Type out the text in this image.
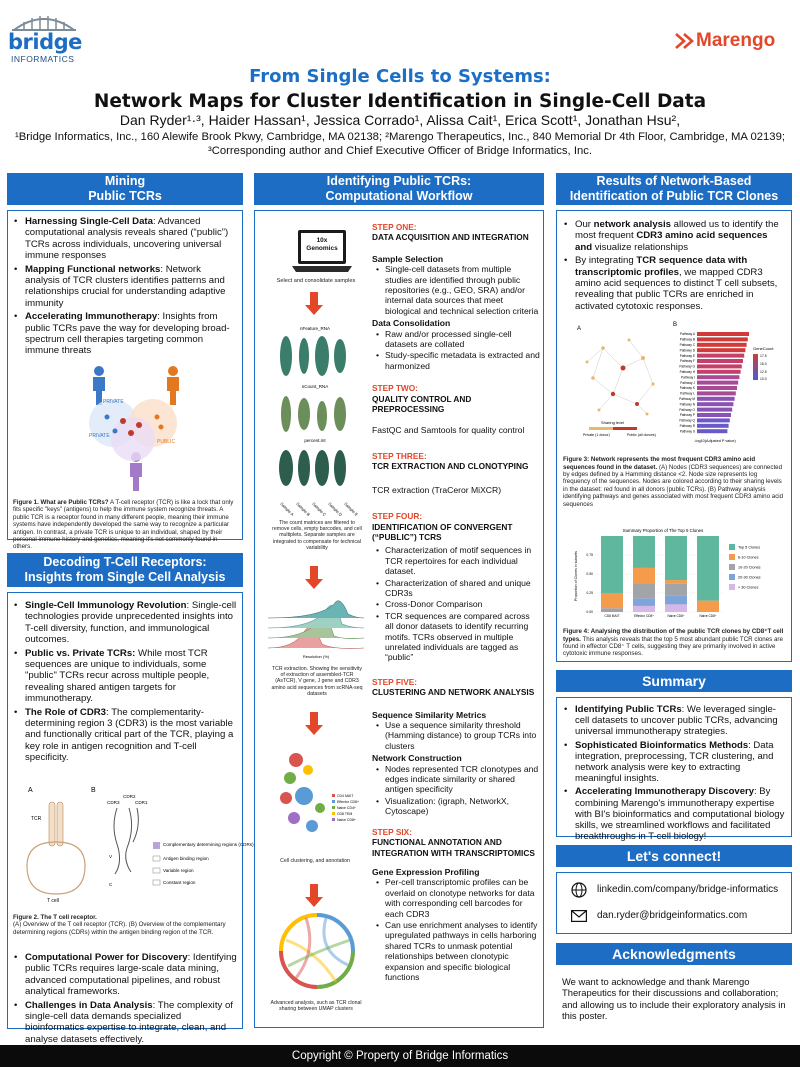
bridge
INFORMATICS
Marengo
From Single Cells to Systems:
Network Maps for Cluster Identification in Single-Cell Data
Dan Ryder¹·³, Haider Hassan¹, Jessica Corrado¹, Alissa Cait¹, Erica Scott¹, Jonathan Hsu²,
¹Bridge Informatics, Inc., 160 Alewife Brook Pkwy, Cambridge, MA 02138; ²Marengo Therapeutics, Inc., 840 Memorial Dr 4th Floor, Cambridge, MA 02139; ³Corresponding author and Chief Executive Officer of Bridge Informatics, Inc.
Mining
Public TCRs
• Harnessing Single-Cell Data: Advanced computational analysis reveals shared (“public”) TCRs across individuals, uncovering universal immune responses
• Mapping Functional networks: Network analysis of TCR clusters identifies patterns and relationships crucial for understanding adaptive immunity
• Accelerating Immunotherapy: Insights from public TCRs pave the way for developing broad-spectrum cell therapies targeting common immune threats
PRIVATE
PRIVATE
PUBLIC
Figure 1. What are Public TCRs? A T-cell receptor (TCR) is like a lock that only fits specific "keys" (antigens) to help the immune system recognize threats. A public TCR is a receptor found in many different people, meaning their immune systems have independently developed the same way to recognize a particular antigen. In contrast, a private TCR is unique to an individual, shaped by their personal immune history and genetics, meaning it's not commonly found in others.
Decoding T-Cell Receptors:
Insights from Single Cell Analysis
• Single-Cell Immunology Revolution: Single-cell technologies provide unprecedented insights into T-cell diversity, function, and immunological outcomes.
• Public vs. Private TCRs: While most TCR sequences are unique to individuals, some "public" TCRs recur across multiple people, revealing shared antigen targets for immunotherapy.
• The Role of CDR3: The complementarity-determining region 3 (CDR3) is the most variable and functionally critical part of the TCR, playing a key role in antigen recognition and T-cell specificity.
A	B
TCR
T cell
CDR2
CDR3	CDR1
V
C
Complementary determining regions (CDRs)
Antigen binding region
Variable region
Constant region
Figure 2. The T cell receptor.
(A) Overview of the T cell receptor (TCR). (B) Overview of the complementary determining regions (CDRs) within the antigen binding region of the TCR.
• Computational Power for Discovery: Identifying public TCRs requires large-scale data mining, advanced computational pipelines, and robust analytical frameworks.
• Challenges in Data Analysis: The complexity of single-cell data demands specialized bioinformatics expertise to integrate, clean, and analyse datasets effectively.
Identifying Public TCRs:
Computational Workflow
10x Genomics
Select and consolidate samples
nFeature_RNA
nCount_RNA
percent.mt
Sample A Sample B Sample C Sample D Sample E
The count matrices are filtered to remove cells, empty barcodes, and cell multiplets. Separate samples are integrated to compensate for technical variability
Resolution (%)
TCR extraction. Showing the sensitivity of extraction of assembled-TCR (AsTCR), V gene, J gene and CDR3 amino acid sequences from scRNA-seq datasets
CD4 MAIT
Effector CD8+
Naive CD4+
CD8 TEM
Naive CD8+
Cell clustering, and annotation
Advanced analysis, such as TCR clonal sharing between UMAP clusters
STEP ONE:
DATA ACQUISITION AND INTEGRATION
Sample Selection
• Single-cell datasets from multiple studies are identified through public repositories (e.g., GEO, SRA) and/or internal data sources that meet biological and technical selection criteria
Data Consolidation
• Raw and/or processed single-cell datasets are collated
• Study-specific metadata is extracted and harmonized
STEP TWO:
QUALITY CONTROL AND PREPROCESSING
FastQC and Samtools for quality control
STEP THREE:
TCR EXTRACTION AND CLONOTYPING
TCR extraction (TraCeror MiXCR)
STEP FOUR:
IDENTIFICATION OF CONVERGENT (“PUBLIC”) TCRS
• Characterization of motif sequences in TCR repertoires for each individual dataset.
• Characterization of shared and unique CDR3s
• Cross-Donor Comparison
• TCR sequences are compared across all donor datasets to identify recurring motifs. TCRs observed in multiple unrelated individuals are tagged as “public”
STEP FIVE:
CLUSTERING AND NETWORK ANALYSIS
Sequence Similarity Metrics
• Use a sequence similarity threshold (Hamming distance) to group TCRs into clusters
Network Construction
• Nodes represented TCR clonotypes and edges indicate similarity or shared antigen specificity
• Visualization: (igraph, NetworkX, Cytoscape)
STEP SIX:
FUNCTIONAL ANNOTATION AND INTEGRATION WITH TRANSCRIPTOMICS
Gene Expression Profiling
• Per-cell transcriptomic profiles can be overlaid on clonotype networks for data with corresponding cell barcodes for each CDR3
• Can use enrichment analyses to identify upregulated pathways in cells harboring shared TCRs to unmask potential relationships between clonotypic expansion and specific biological functions
Results of Network-Based
Identification of Public TCR Clones
• Our network analysis allowed us to identify the most frequent CDR3 amino acid sequences and visualize relationships
• By integrating TCR sequence data with transcriptomic profiles, we mapped CDR3 amino acid sequences to distinct T cell subsets, revealing that public TCRs are enriched in activated cytotoxic responses.
A
B
Sharing level
Private (1 donor)	Public (all donors)
Pathway A
Pathway B
Pathway C
Pathway D
Pathway E
Pathway F
Pathway G
Pathway H
Pathway I
Pathway J
Pathway K
Pathway L
Pathway M
Pathway N
Pathway O
Pathway P
Pathway Q
Pathway R
Pathway S
-log10(Adjusted P value)
GeneCount
17.5
15.0
12.5
10.0
Figure 3: Network represents the most frequent CDR3 amino acid sequences found in the dataset. (A) Nodes (CDR3 sequences) are connected by edges defined by a Hamming distance <2. Node size represents log frequency of the sequences. Nodes are colored according to their sharing levels in the dataset: red found in all donors (public TCRs). (B) Pathway analysis identifying pathways and genes associated with most frequent CDR3 amino acid sequences
Summary Proportion of The Top 5 Clones
Proportion of Clones in subsets
0.00
0.25
0.50
0.75
CD8 MAIT	Effector CD8⁺	Naive CD8⁺	Naive CD8⁺
Top 5 Clones
6-10 Clones
10-20 Clones
20-30 Clones
> 30 Clones
Figure 4: Analysing the distribution of the public TCR clones by CD8⁺T cell types. This analysis reveals that the top 5 most abundant public TCR clones are found in effector CD8⁺ T cells, suggesting they are primarily involved in active cytotoxic immune responses.
Summary
• Identifying Public TCRs: We leveraged single-cell datasets to uncover public TCRs, advancing universal immunotherapy strategies.
• Sophisticated Bioinformatics Methods: Data integration, preprocessing, TCR clustering, and network analysis were key to extracting meaningful insights.
• Accelerating Immunotherapy Discovery: By combining Marengo's immunotherapy expertise with BI's bioinformatics and computational biology skills, we streamlined workflows and facilitated breakthroughs in T-cell biology!
Let's connect!
linkedin.com/company/bridge-informatics
dan.ryder@bridgeinformatics.com
Acknowledgments
We want to acknowledge and thank Marengo Therapeutics for their discussions and collaboration; and allowing us to include their exploratory analysis in this poster.
Copyright © Property of Bridge Informatics
